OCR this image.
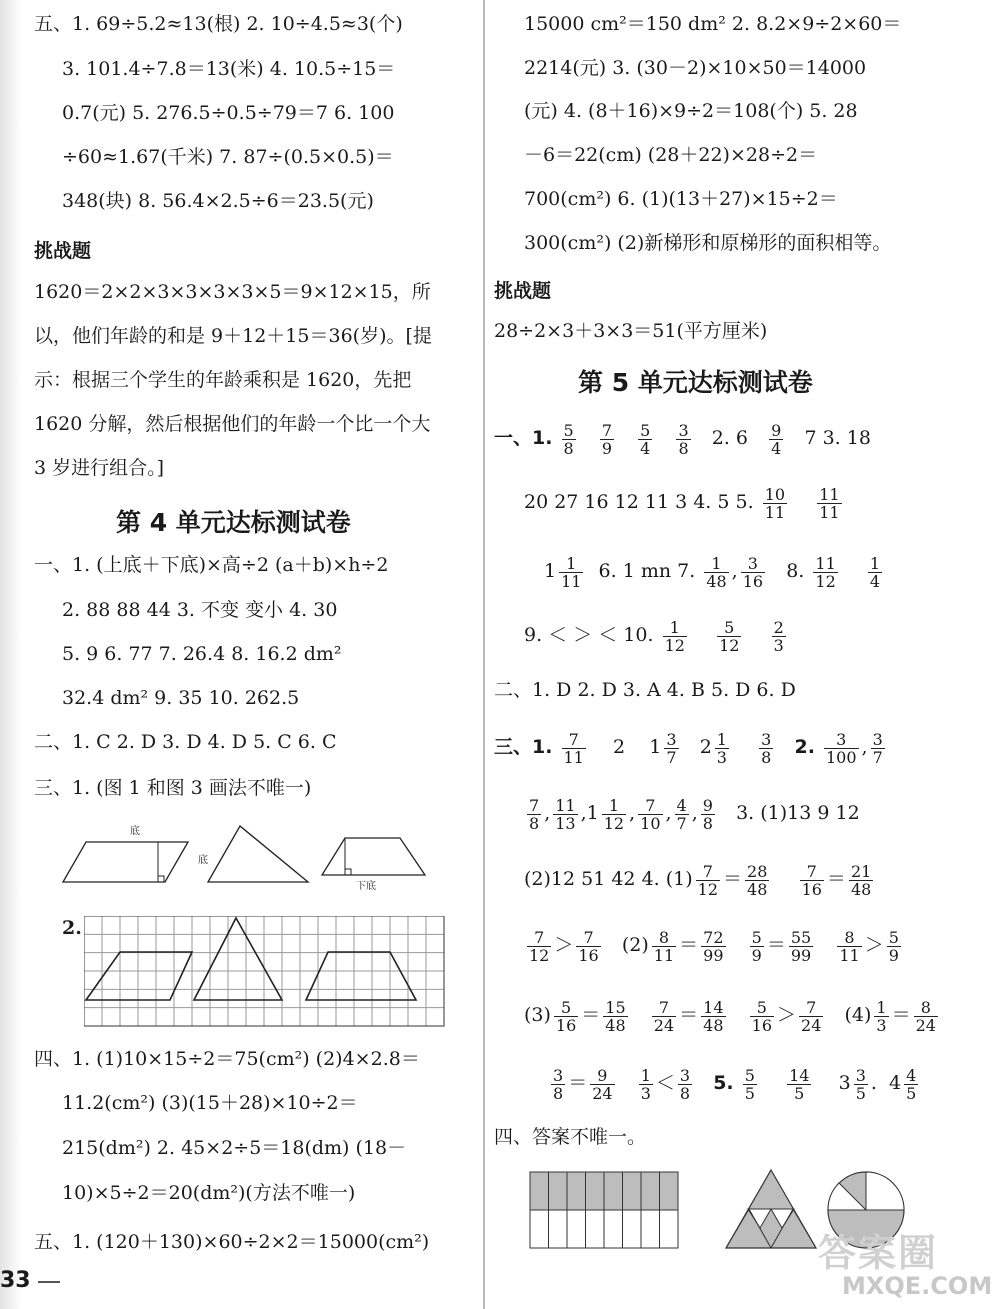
五、1. 69÷5.2≈13(根) 2. 10÷4.5≈3(个)
3. 101.4÷7.8＝13(米) 4. 10.5÷15＝
0.7(元) 5. 276.5÷0.5÷79＝7 6. 100
÷60≈1.67(千米) 7. 87÷(0.5×0.5)＝
348(块) 8. 56.4×2.5÷6＝23.5(元)
挑战题
1620＝2×2×3×3×3×3×5＝9×12×15，所
以，他们年龄的和是 9＋12＋15＝36(岁)。[提
示：根据三个学生的年龄乘积是 1620，先把
1620 分解，然后根据他们的年龄一个比一个大
3 岁进行组合。]
第 4 单元达标测试卷
一、1. (上底＋下底)×高÷2 (a＋b)×h÷2
2. 88 88 44 3. 不变 变小 4. 30
5. 9 6. 77 7. 26.4 8. 16.2 dm²
32.4 dm² 9. 35 10. 262.5
二、1. C 2. D 3. D 4. D 5. C 6. C
三、1. (图 1 和图 3 画法不唯一)
底
底
下底
2.
四、1. (1)10×15÷2＝75(cm²) (2)4×2.8＝
11.2(cm²) (3)(15＋28)×10÷2＝
215(dm²) 2. 45×2÷5＝18(dm) (18－
10)×5÷2＝20(dm²)(方法不唯一)
五、1. (120＋130)×60÷2×2＝15000(cm²)
33
15000 cm²＝150 dm² 2. 8.2×9÷2×60＝
2214(元) 3. (30－2)×10×50＝14000
(元) 4. (8＋16)×9÷2＝108(个) 5. 28
－6＝22(cm) (28＋22)×28÷2＝
700(cm²) 6. (1)(13＋27)×15÷2＝
300(cm²) (2)新梯形和原梯形的面积相等。
挑战题
28÷2×3＋3×3＝51(平方厘米)
第 5 单元达标测试卷
一、1. $\frac{5}{8}$
$\frac{7}{9}$
$\frac{5}{4}$
$\frac{3}{8} 2$. $6 \frac{9}{4} 7$ 3. 18
20 27 16 12 11 3 4. 5 5. $\frac{10}{11}$
$\frac{11}{11}$
$1 \frac{1}{11} 6$. 1 mn 7. $\frac{1}{48}$ , $\frac{3}{16} 8$. $\frac{11}{12}$
$\frac{1}{4}$
9. ＜ ＞ ＜ 10. $\frac{1}{12}$
$\frac{5}{12}$
$\frac{2}{3}$
二、1. D 2. D 3. A 4. B 5. D 6. D
三、1. $\frac{7}{11} 2$ $1 \frac{3}{7} 2 \frac{1}{3}$
$\frac{3}{8} 2$. $\frac{3}{100}$ , $\frac{3}{7}$
$\frac{7}{8}$ , $\frac{11}{13} ,1 \frac{1}{12}$ , $\frac{7}{10}$ , $\frac{4}{7}$ , $\frac{9}{8} 3$. (1)13 9 12
(2)12 51 42 4. $(1) \frac{7}{12} = \frac{28}{48}$
$\frac{7}{16} = \frac{21}{48}$
$\frac{7}{12} > \frac{7}{16} (2) \frac{8}{11} = \frac{72}{99}$
$\frac{5}{9} = \frac{55}{99}$
$\frac{8}{11} > \frac{5}{9}$
$(3) \frac{5}{16} = \frac{15}{48}$
$\frac{7}{24} = \frac{14}{48}$
$\frac{5}{16} > \frac{7}{24} (4) \frac{1}{3} = \frac{8}{24}$
$\frac{3}{8} = \frac{9}{24}$
$\frac{1}{3} < \frac{3}{8} 5$. $\frac{5}{5}$
$\frac{14}{5} 3 \frac{3}{5}$ .  $4 \frac{4}{5}$
四、答案不唯一。
答案圈
MXQE.COM
